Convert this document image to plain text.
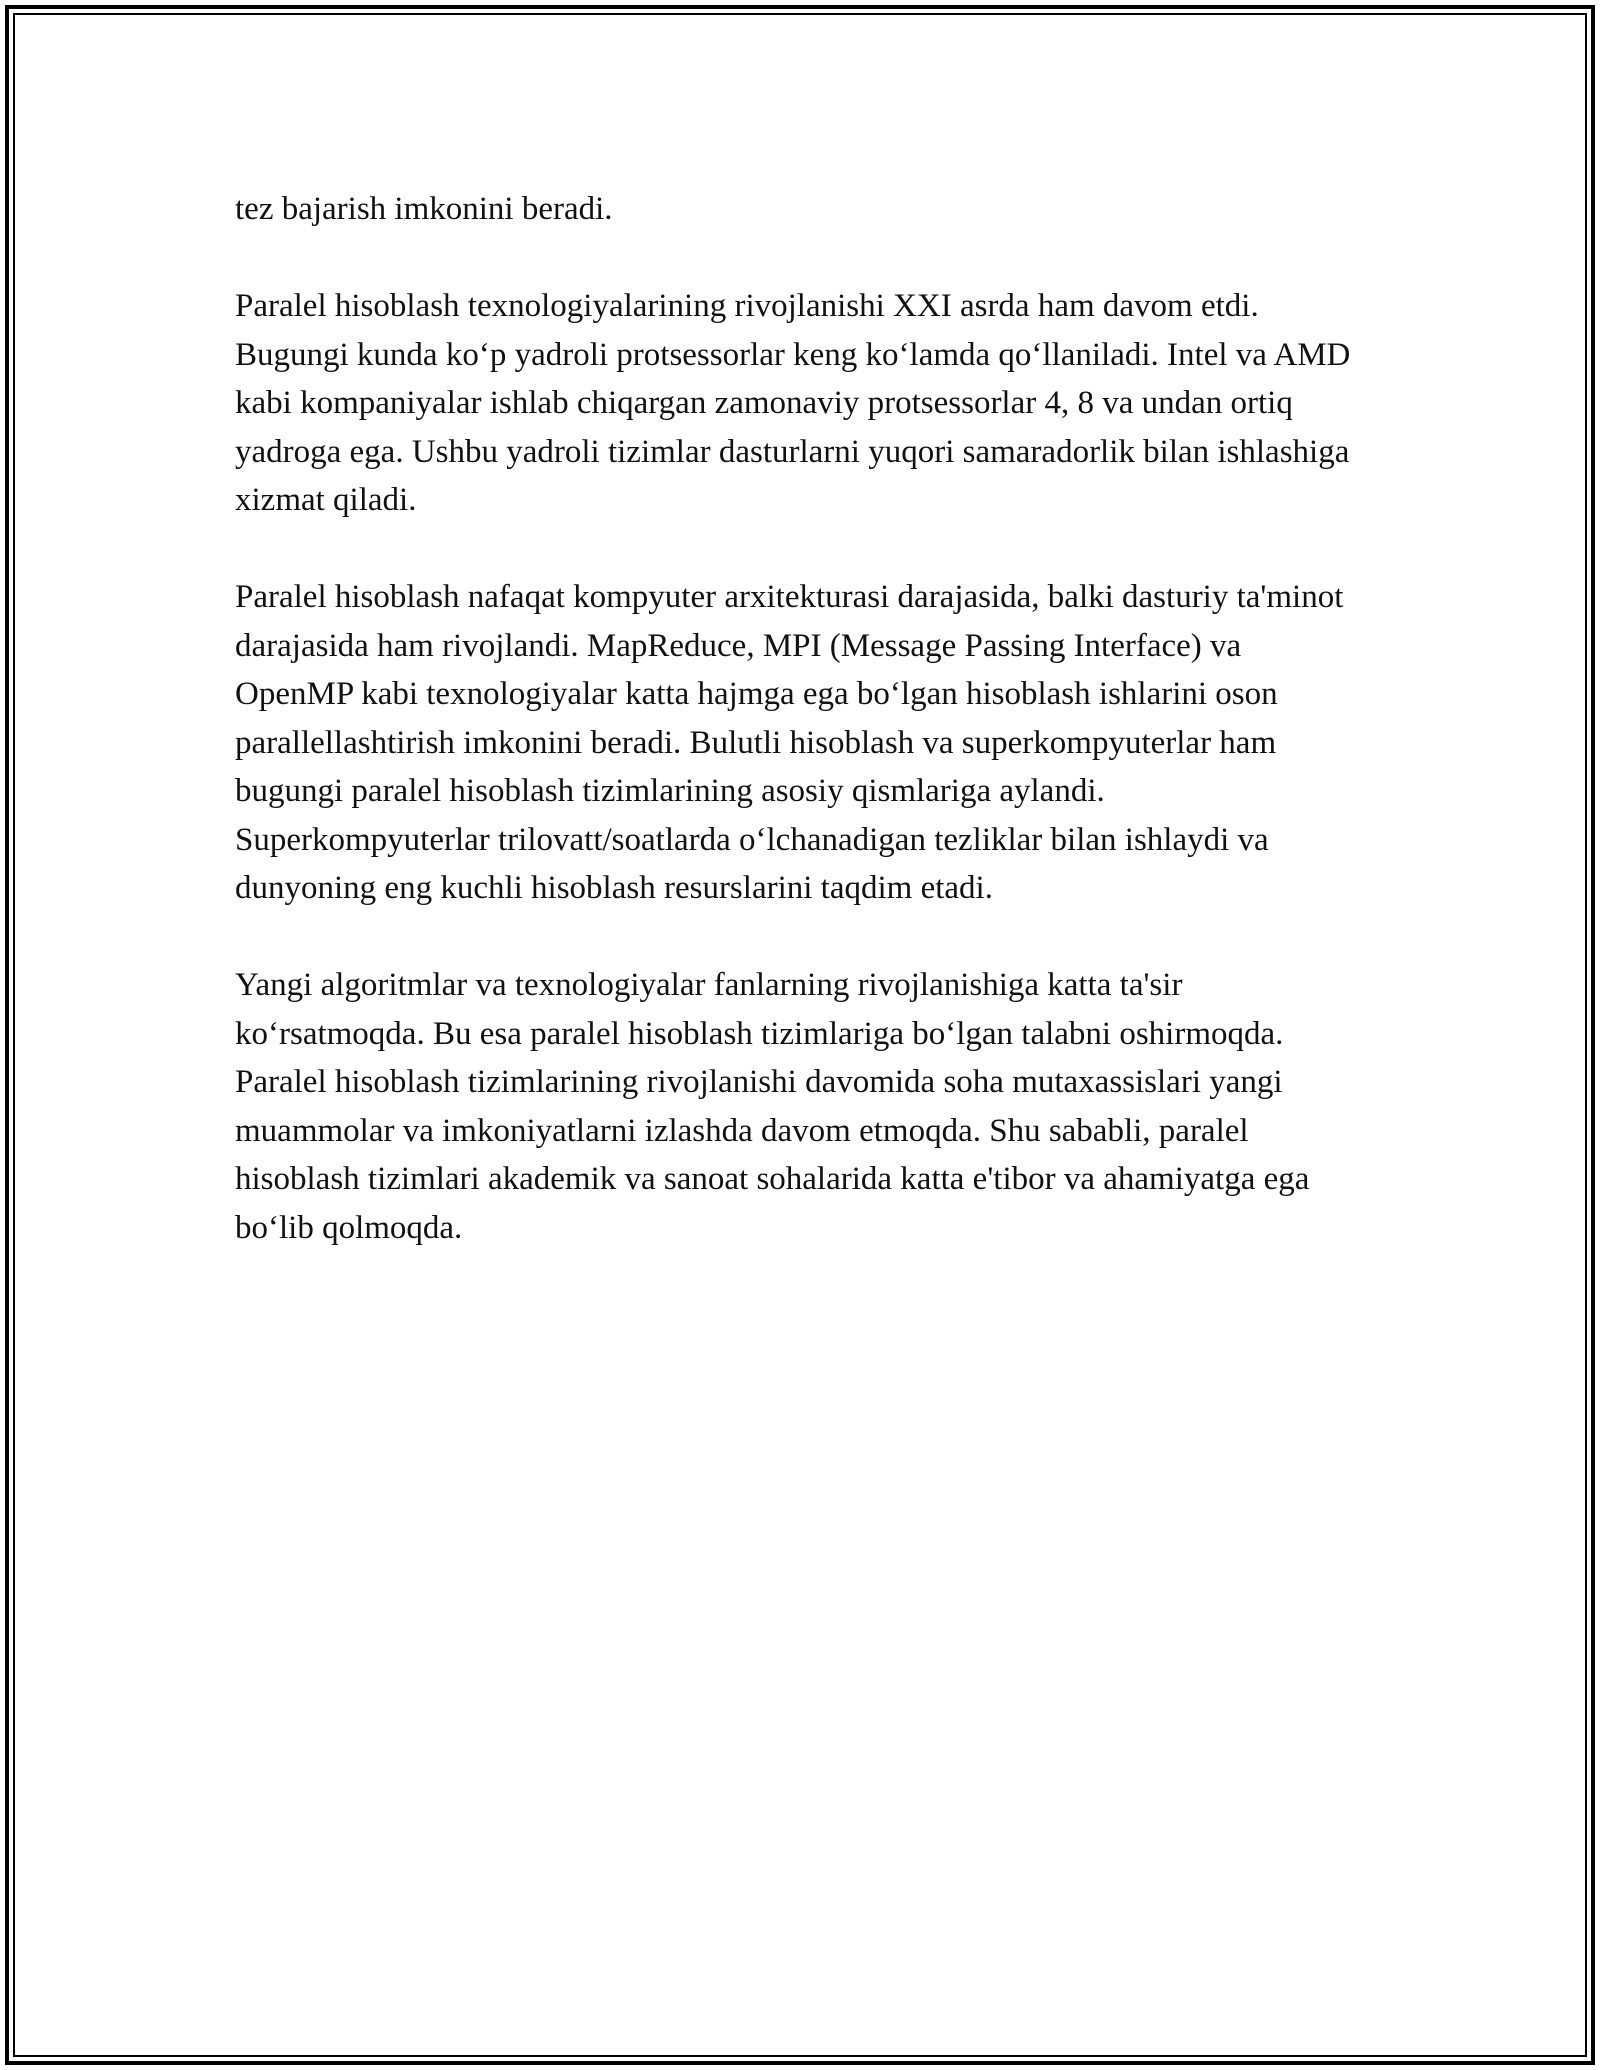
tez bajarish imkonini beradi.

Paralel hisoblash texnologiyalarining rivojlanishi XXI asrda ham davom etdi. Bugungi kunda ko‘p yadroli protsessorlar keng ko‘lamda qo‘llaniladi. Intel va AMD kabi kompaniyalar ishlab chiqargan zamonaviy protsessorlar 4, 8 va undan ortiq yadroga ega. Ushbu yadroli tizimlar dasturlarni yuqori samaradorlik bilan ishlashiga xizmat qiladi.

Paralel hisoblash nafaqat kompyuter arxitekturasi darajasida, balki dasturiy ta'minot darajasida ham rivojlandi. MapReduce, MPI (Message Passing Interface) va OpenMP kabi texnologiyalar katta hajmga ega bo‘lgan hisoblash ishlarini oson parallellashtirish imkonini beradi. Bulutli hisoblash va superkompyuterlar ham bugungi paralel hisoblash tizimlarining asosiy qismlariga aylandi. Superkompyuterlar trilovatt/soatlarda o‘lchanadigan tezliklar bilan ishlaydi va dunyoning eng kuchli hisoblash resurslarini taqdim etadi.

Yangi algoritmlar va texnologiyalar fanlarning rivojlanishiga katta ta'sir ko‘rsatmoqda. Bu esa paralel hisoblash tizimlariga bo‘lgan talabni oshirmoqda. Paralel hisoblash tizimlarining rivojlanishi davomida soha mutaxassislari yangi muammolar va imkoniyatlarni izlashda davom etmoqda. Shu sababli, paralel hisoblash tizimlari akademik va sanoat sohalarida katta e'tibor va ahamiyatga ega bo‘lib qolmoqda.
